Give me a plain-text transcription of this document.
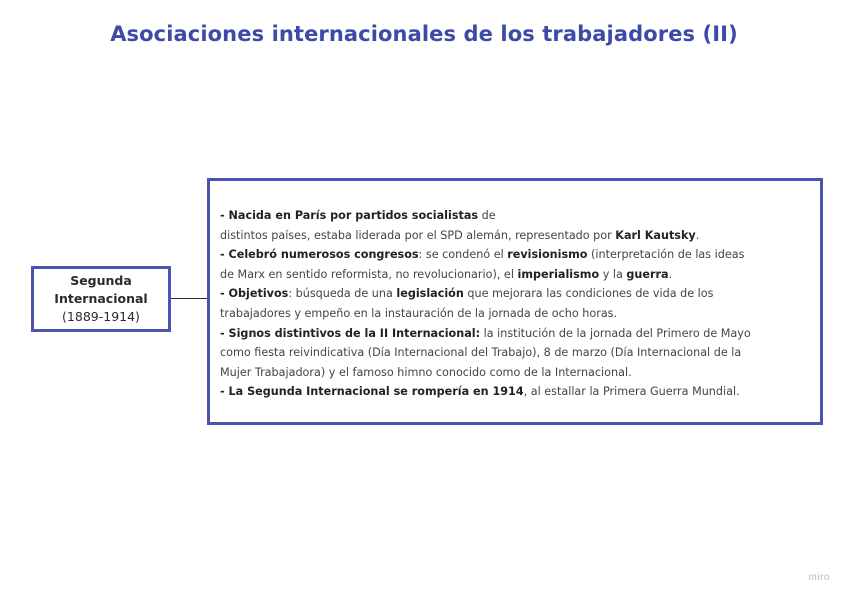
Asociaciones internacionales de los trabajadores (II)
Segunda
Internacional
(1889-1914)

- Nacida en París por partidos socialistas de

distintos países, estaba liderada por el SPD alemán, representado por Karl Kautsky.

- Celebró numerosos congresos: se condenó el revisionismo (interpretación de las ideas

de Marx en sentido reformista, no revolucionario), el imperialismo y la guerra.

- Objetivos: búsqueda de una legislación que mejorara las condiciones de vida de los

trabajadores y empeño en la instauración de la jornada de ocho horas.

- Signos distintivos de la II Internacional: la institución de la jornada del Primero de Mayo

como fiesta reivindicativa (Día Internacional del Trabajo), 8 de marzo (Día Internacional de la

Mujer Trabajadora) y el famoso himno conocido como de la Internacional.

- La Segunda Internacional se rompería en 1914, al estallar la Primera Guerra Mundial.

miro
